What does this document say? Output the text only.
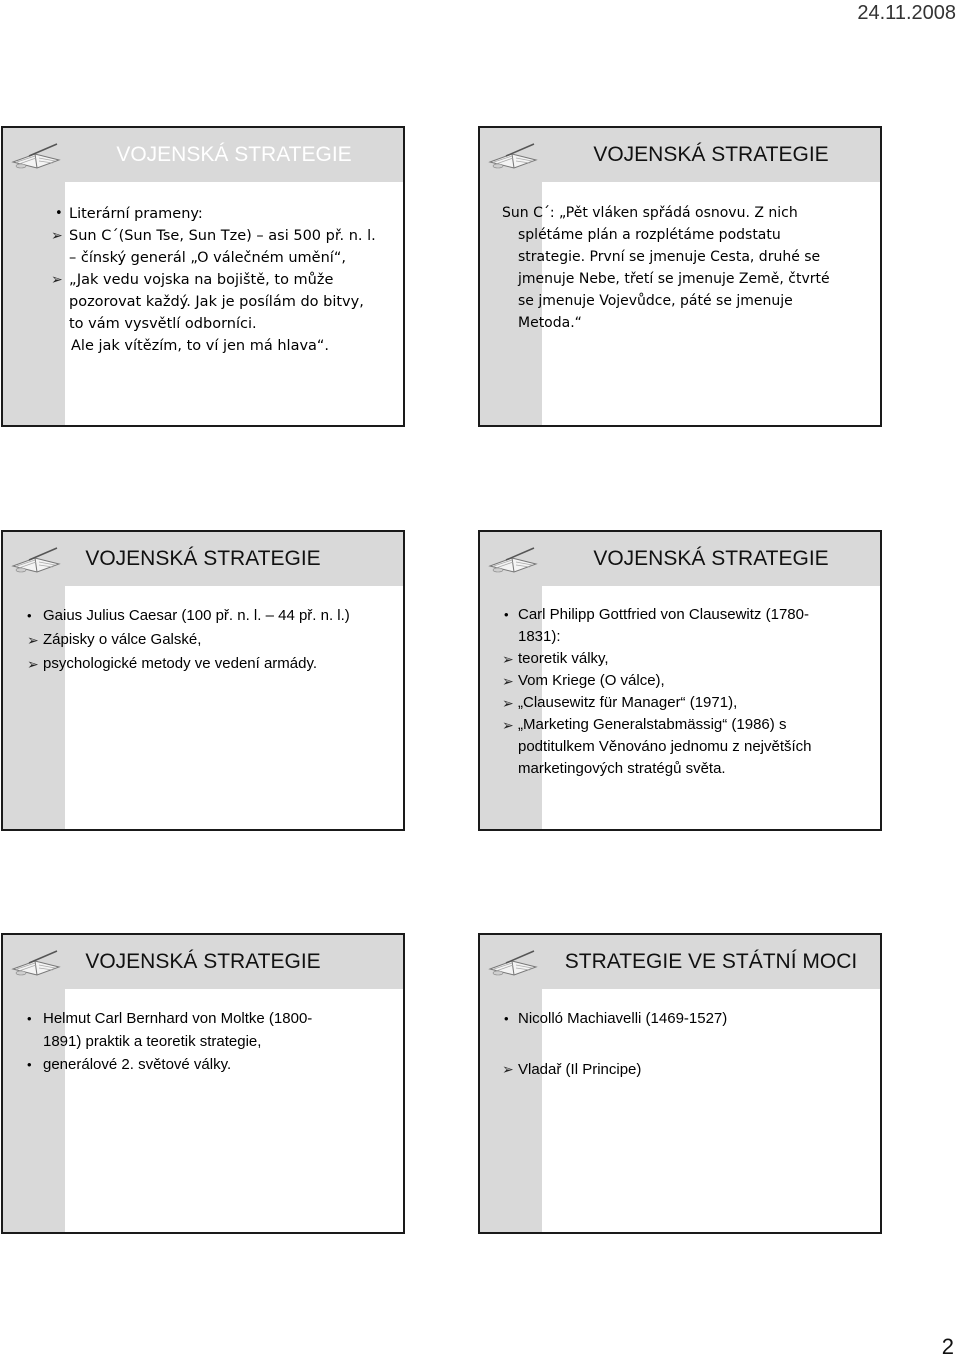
24.11.2008
VOJENSKÁ STRATEGIE
• Literární prameny:
➢ Sun C´(Sun Tse, Sun Tze) – asi 500 př. n. l.
– čínský generál „O válečném umění“,
➢ „Jak vedu vojska na bojiště, to může
pozorovat každý. Jak je posílám do bitvy,
to vám vysvětlí odborníci.
Ale jak vítězím, to ví jen má hlava“.
VOJENSKÁ STRATEGIE
Sun C´: „Pět vláken spřádá osnovu. Z nich
splétáme plán a rozplétáme podstatu
strategie. První se jmenuje Cesta, druhé se
jmenuje Nebe, třetí se jmenuje Země, čtvrté
se jmenuje Vojevůdce, páté se jmenuje
Metoda.“
VOJENSKÁ STRATEGIE
• Gaius Julius Caesar (100 př. n. l. – 44 př. n. l.)
➢ Zápisky o válce Galské,
➢ psychologické metody ve vedení armády.
VOJENSKÁ STRATEGIE
• Carl Philipp Gottfried von Clausewitz (1780-
1831):
➢ teoretik války,
➢ Vom Kriege (O válce),
➢ „Clausewitz für Manager“ (1971),
➢ „Marketing Generalstabmässig“ (1986) s
podtitulkem Věnováno jednomu z největších
marketingových stratégů světa.
VOJENSKÁ STRATEGIE
• Helmut Carl Bernhard von Moltke (1800-
1891) praktik a teoretik strategie,
• generálové 2. světové války.
STRATEGIE VE STÁTNÍ MOCI
• Nicolló Machiavelli (1469-1527)
➢ Vladař (Il Principe)
2
